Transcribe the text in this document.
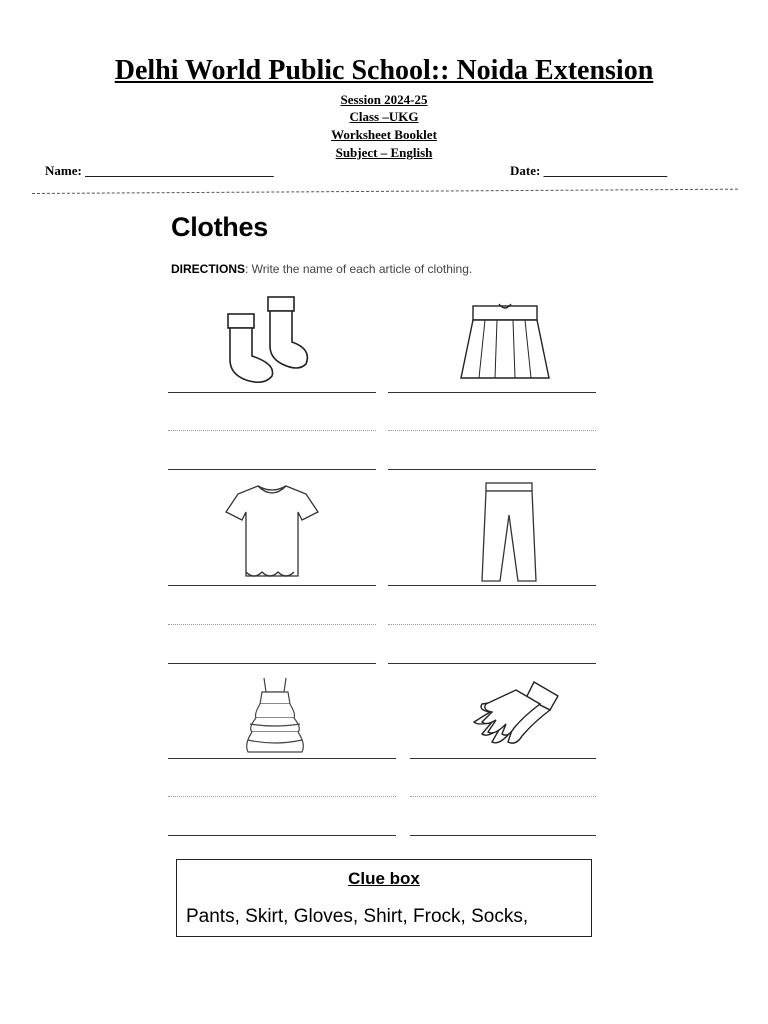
Delhi World Public School:: Noida Extension
Session 2024-25
Class –UKG
Worksheet Booklet
Subject – English
Name: _____________________________	Date: ___________________
Clothes
DIRECTIONS: Write the name of each article of clothing.
Clue box
Pants, Skirt, Gloves, Shirt, Frock, Socks,
